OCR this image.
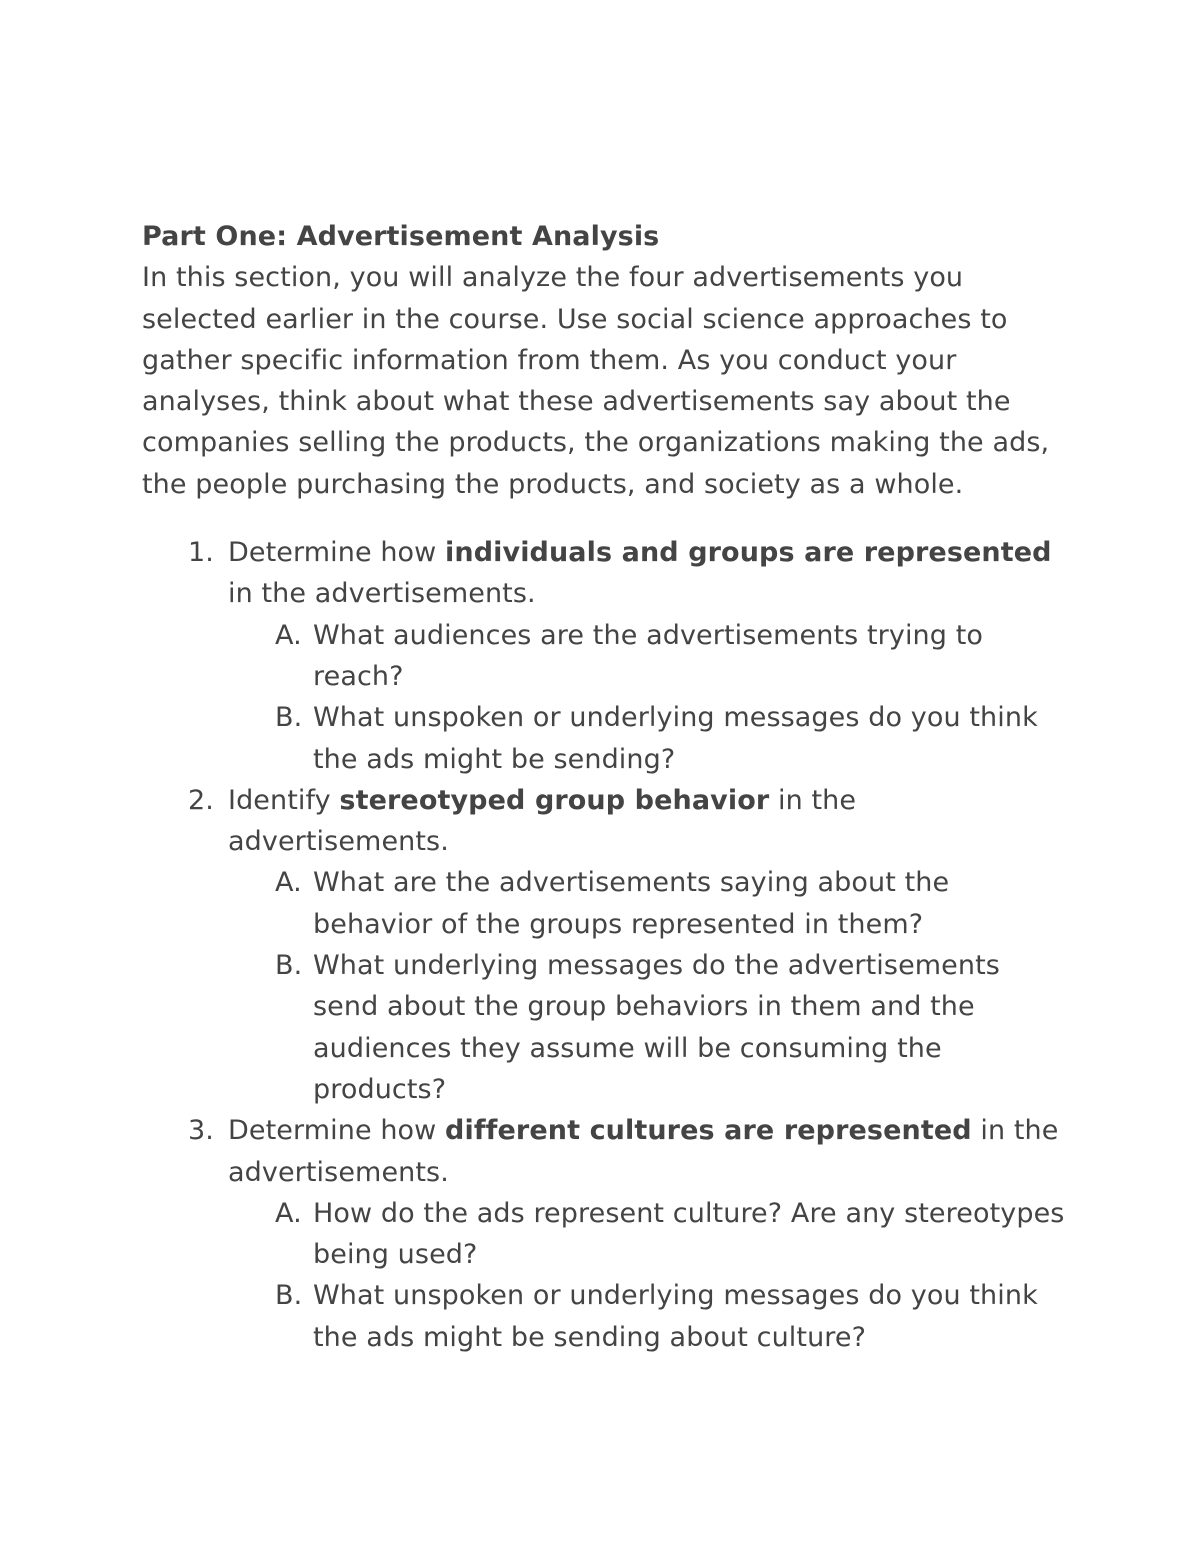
Part One: Advertisement Analysis

In this section, you will analyze the four advertisements you selected earlier in the course. Use social science approaches to gather specific information from them. As you conduct your analyses, think about what these advertisements say about the companies selling the products, the organizations making the ads, the people purchasing the products, and society as a whole.

1. Determine how individuals and groups are represented in the advertisements.
A. What audiences are the advertisements trying to reach?
B. What unspoken or underlying messages do you think the ads might be sending?
2. Identify stereotyped group behavior in the advertisements.
A. What are the advertisements saying about the behavior of the groups represented in them?
B. What underlying messages do the advertisements send about the group behaviors in them and the audiences they assume will be consuming the products?
3. Determine how different cultures are represented in the advertisements.
A. How do the ads represent culture? Are any stereotypes being used?
B. What unspoken or underlying messages do you think the ads might be sending about culture?
